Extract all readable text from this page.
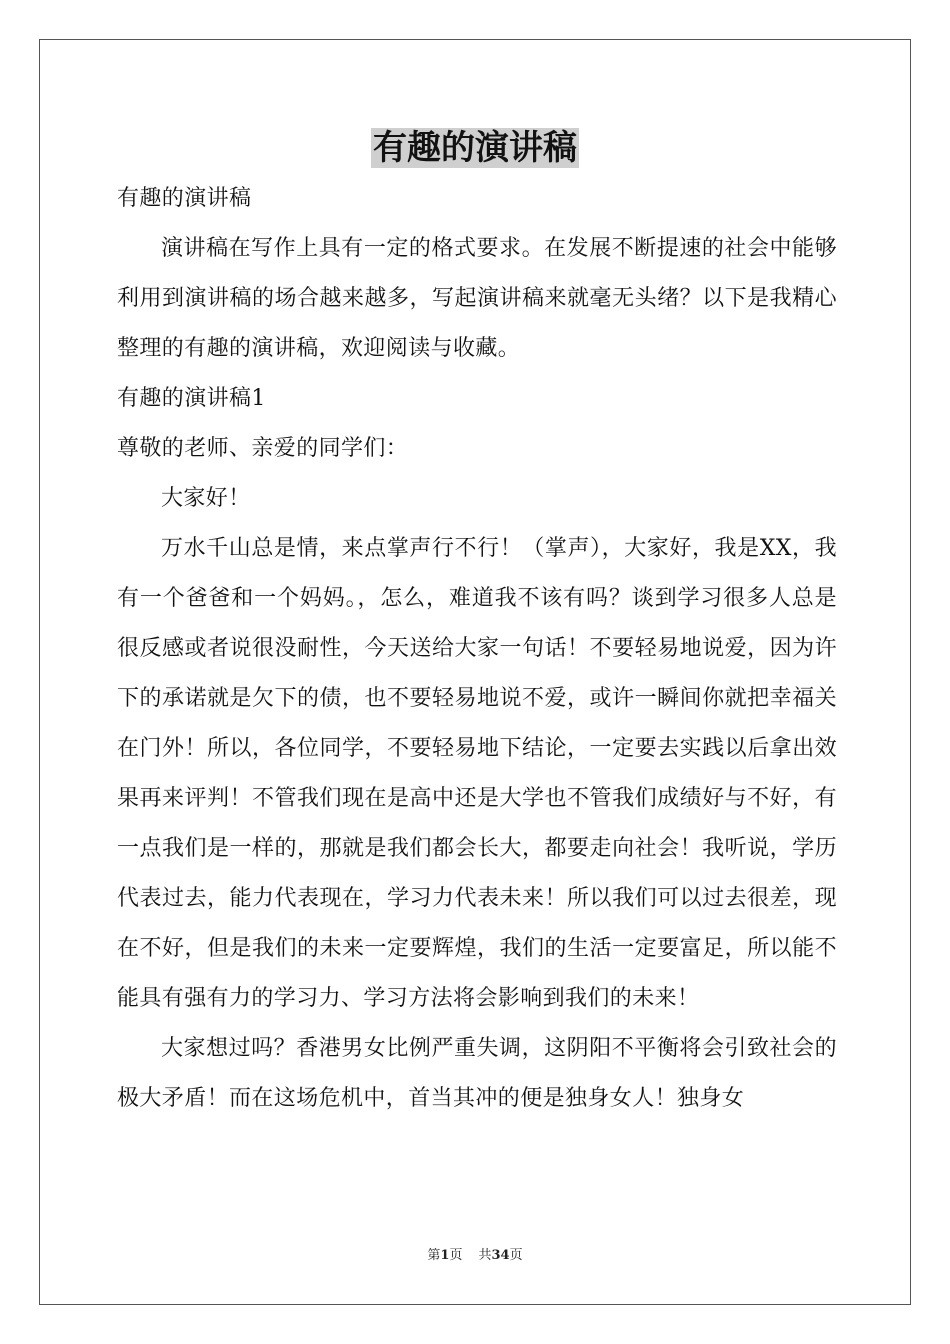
有趣的演讲稿

有趣的演讲稿

演讲稿在写作上具有一定的格式要求。在发展不断提速的社会中能够利用到演讲稿的场合越来越多，写起演讲稿来就毫无头绪？以下是我精心整理的有趣的演讲稿，欢迎阅读与收藏。

有趣的演讲稿1

尊敬的老师、亲爱的同学们：

大家好！

万水千山总是情，来点掌声行不行！（掌声），大家好，我是XX，我有一个爸爸和一个妈妈。，怎么，难道我不该有吗？谈到学习很多人总是很反感或者说很没耐性，今天送给大家一句话！不要轻易地说爱，因为许下的承诺就是欠下的债，也不要轻易地说不爱，或许一瞬间你就把幸福关在门外！所以，各位同学，不要轻易地下结论，一定要去实践以后拿出效果再来评判！不管我们现在是高中还是大学也不管我们成绩好与不好，有一点我们是一样的，那就是我们都会长大，都要走向社会！我听说，学历代表过去，能力代表现在，学习力代表未来！所以我们可以过去很差，现在不好，但是我们的未来一定要辉煌，我们的生活一定要富足，所以能不能具有强有力的学习力、学习方法将会影响到我们的未来！

大家想过吗？香港男女比例严重失调，这阴阳不平衡将会引致社会的极大矛盾！而在这场危机中，首当其冲的便是独身女人！独身女

第1页 共34页
